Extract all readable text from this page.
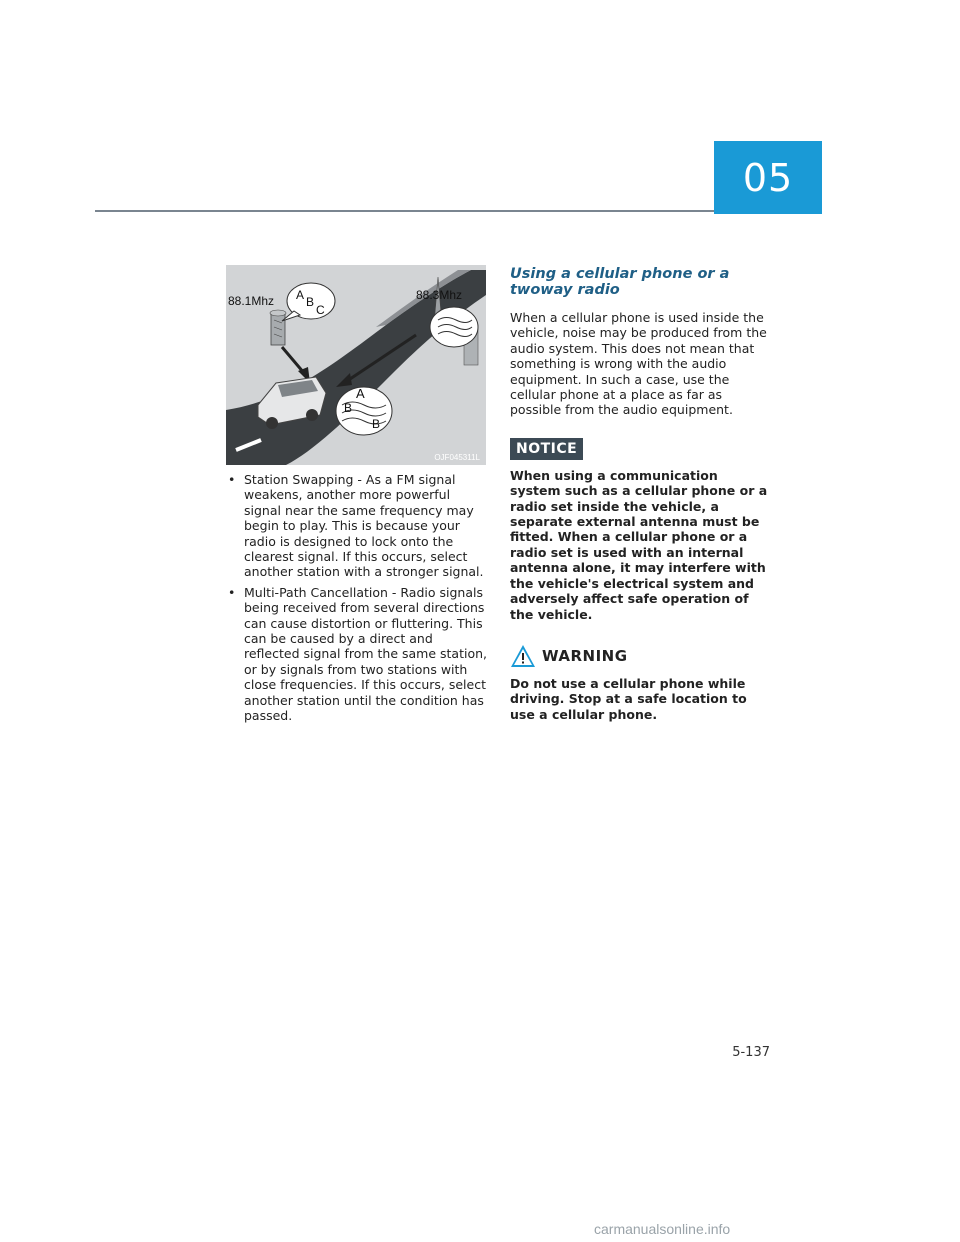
05
88.1Mhz	88.3Mhz
A B
C
A
B
B
OJF045311L
• Station Swapping - As a FM signal weakens, another more powerful signal near the same frequency may begin to play. This is because your radio is designed to lock onto the clearest signal. If this occurs, select another station with a stronger signal.
• Multi-Path Cancellation - Radio signals being received from several directions can cause distortion or fluttering. This can be caused by a direct and reflected signal from the same station, or by signals from two stations with close frequencies. If this occurs, select another station until the condition has passed.
Using a cellular phone or a twoway radio

When a cellular phone is used inside the vehicle, noise may be produced from the audio system. This does not mean that something is wrong with the audio equipment. In such a case, use the cellular phone at a place as far as possible from the audio equipment.

NOTICE

When using a communication system such as a cellular phone or a radio set inside the vehicle, a separate external antenna must be fitted. When a cellular phone or a radio set is used with an internal antenna alone, it may interfere with the vehicle's electrical system and adversely affect safe operation of the vehicle.

WARNING

Do not use a cellular phone while driving. Stop at a safe location to use a cellular phone.

5-137
carmanualsonline.info
